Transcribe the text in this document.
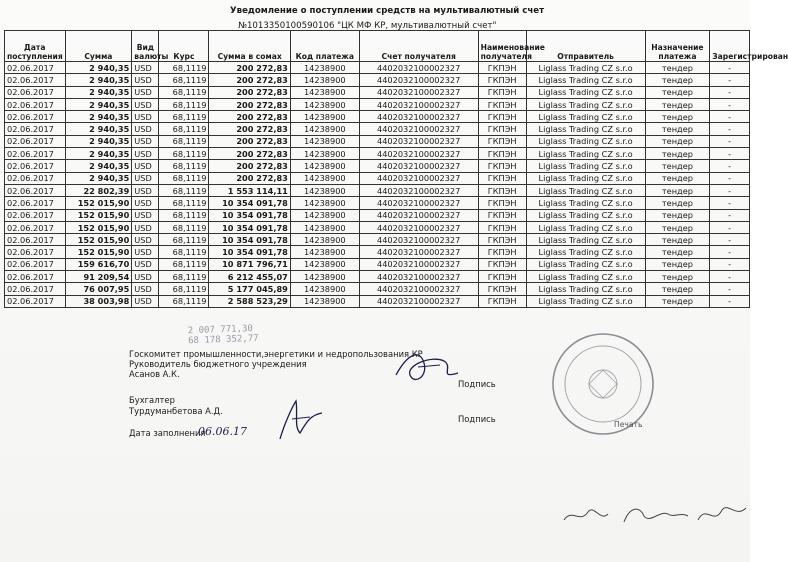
Уведомление о поступлении средств на мультивалютный счет
№1013350100590106 "ЦК МФ КР, мультивалютный счет"
Дата поступления	Сумма	Вид валюты	Курс	Сумма в сомах	Код платежа	Счет получателя	Наименование получателя	Отправитель	Назначение платежа	Зарегистрирован
02.06.2017	2 940,35	USD	68,1119	200 272,83	14238900	4402032100002327	ГКПЭН	Liglass Trading CZ s.r.o	тендер	-
02.06.2017	2 940,35	USD	68,1119	200 272,83	14238900	4402032100002327	ГКПЭН	Liglass Trading CZ s.r.o	тендер	-
02.06.2017	2 940,35	USD	68,1119	200 272,83	14238900	4402032100002327	ГКПЭН	Liglass Trading CZ s.r.o	тендер	-
02.06.2017	2 940,35	USD	68,1119	200 272,83	14238900	4402032100002327	ГКПЭН	Liglass Trading CZ s.r.o	тендер	-
02.06.2017	2 940,35	USD	68,1119	200 272,83	14238900	4402032100002327	ГКПЭН	Liglass Trading CZ s.r.o	тендер	-
02.06.2017	2 940,35	USD	68,1119	200 272,83	14238900	4402032100002327	ГКПЭН	Liglass Trading CZ s.r.o	тендер	-
02.06.2017	2 940,35	USD	68,1119	200 272,83	14238900	4402032100002327	ГКПЭН	Liglass Trading CZ s.r.o	тендер	-
02.06.2017	2 940,35	USD	68,1119	200 272,83	14238900	4402032100002327	ГКПЭН	Liglass Trading CZ s.r.o	тендер	-
02.06.2017	2 940,35	USD	68,1119	200 272,83	14238900	4402032100002327	ГКПЭН	Liglass Trading CZ s.r.o	тендер	-
02.06.2017	2 940,35	USD	68,1119	200 272,83	14238900	4402032100002327	ГКПЭН	Liglass Trading CZ s.r.o	тендер	-
02.06.2017	22 802,39	USD	68,1119	1 553 114,11	14238900	4402032100002327	ГКПЭН	Liglass Trading CZ s.r.o	тендер	-
02.06.2017	152 015,90	USD	68,1119	10 354 091,78	14238900	4402032100002327	ГКПЭН	Liglass Trading CZ s.r.o	тендер	-
02.06.2017	152 015,90	USD	68,1119	10 354 091,78	14238900	4402032100002327	ГКПЭН	Liglass Trading CZ s.r.o	тендер	-
02.06.2017	152 015,90	USD	68,1119	10 354 091,78	14238900	4402032100002327	ГКПЭН	Liglass Trading CZ s.r.o	тендер	-
02.06.2017	152 015,90	USD	68,1119	10 354 091,78	14238900	4402032100002327	ГКПЭН	Liglass Trading CZ s.r.o	тендер	-
02.06.2017	152 015,90	USD	68,1119	10 354 091,78	14238900	4402032100002327	ГКПЭН	Liglass Trading CZ s.r.o	тендер	-
02.06.2017	159 616,70	USD	68,1119	10 871 796,71	14238900	4402032100002327	ГКПЭН	Liglass Trading CZ s.r.o	тендер	-
02.06.2017	91 209,54	USD	68,1119	6 212 455,07	14238900	4402032100002327	ГКПЭН	Liglass Trading CZ s.r.o	тендер	-
02.06.2017	76 007,95	USD	68,1119	5 177 045,89	14238900	4402032100002327	ГКПЭН	Liglass Trading CZ s.r.o	тендер	-
02.06.2017	38 003,98	USD	68,1119	2 588 523,29	14238900	4402032100002327	ГКПЭН	Liglass Trading CZ s.r.o	тендер	-
2 007 771,30
68 178 352,77
Госкомитет промышленности,энергетики и недропользования КР
Руководитель бюджетного учреждения
Асанов А.К.
Подпись
Бухгалтер
Турдуманбетова А.Д.
Подпись
Дата заполнения
06.06.17
Печать
